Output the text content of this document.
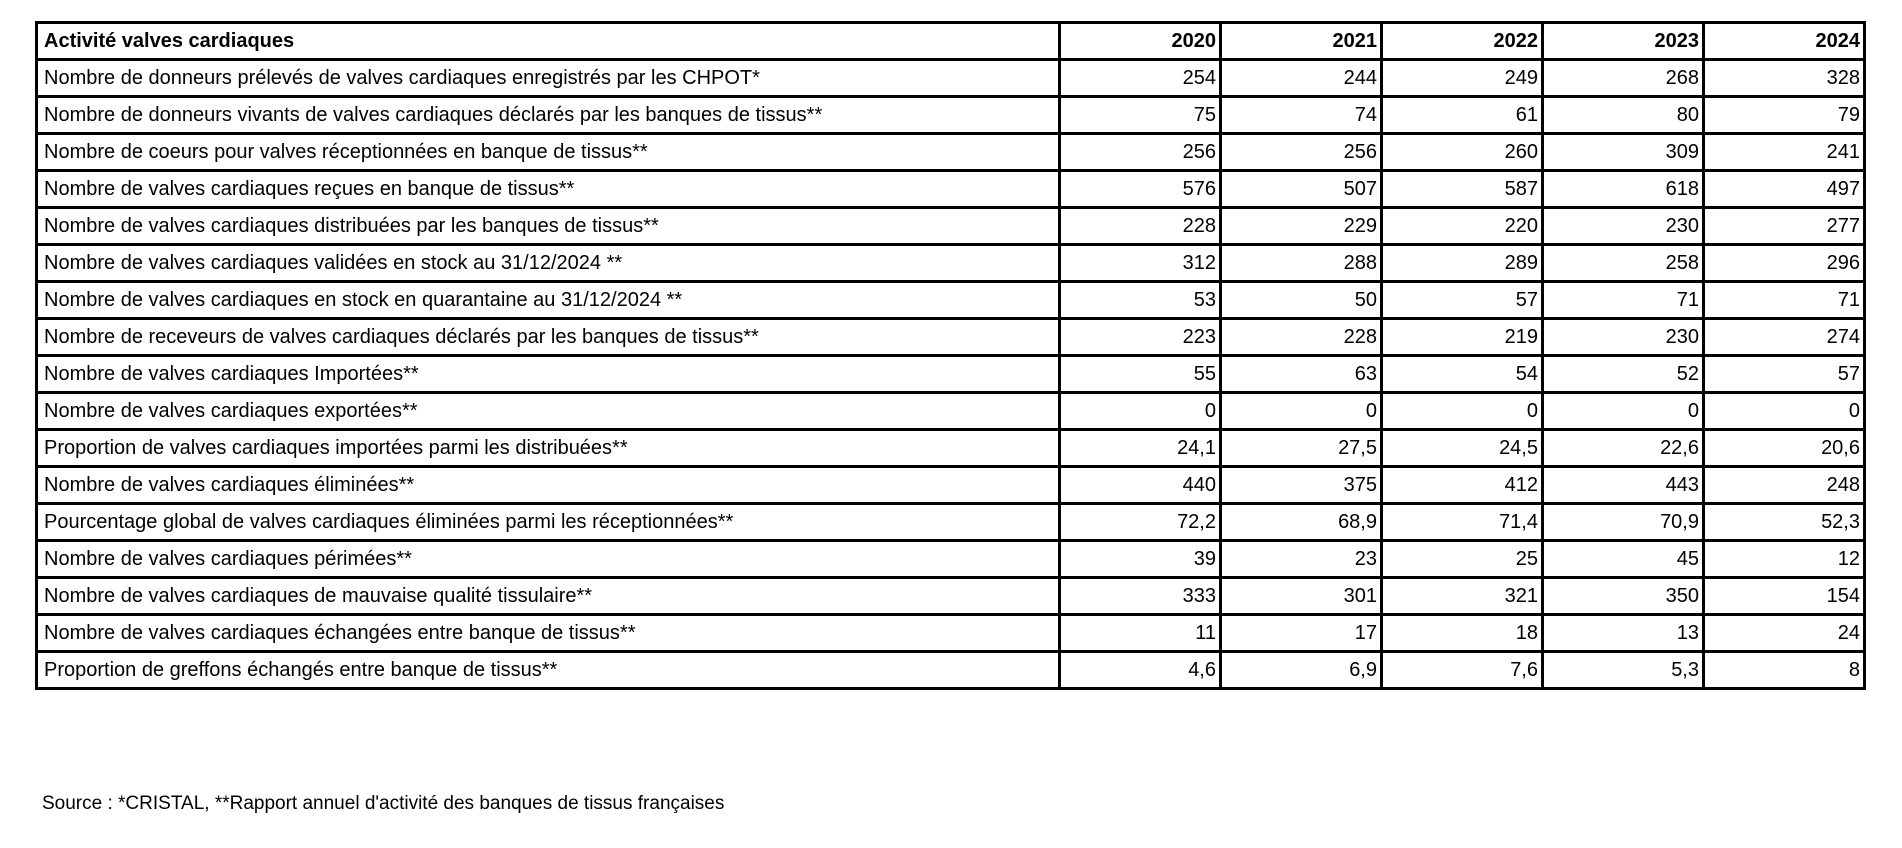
Activité valves cardiaques	2020	2021	2022	2023	2024
Nombre de donneurs prélevés de valves cardiaques enregistrés par les CHPOT*	254	244	249	268	328
Nombre de donneurs vivants de valves cardiaques déclarés par les banques de tissus**	75	74	61	80	79
Nombre de coeurs pour valves réceptionnées en banque de tissus**	256	256	260	309	241
Nombre de valves cardiaques reçues en banque de tissus**	576	507	587	618	497
Nombre de valves cardiaques distribuées par les banques de tissus**	228	229	220	230	277
Nombre de valves cardiaques validées en stock au 31/12/2024 **	312	288	289	258	296
Nombre de valves cardiaques en stock en quarantaine au 31/12/2024 **	53	50	57	71	71
Nombre de receveurs de valves cardiaques déclarés par les banques de tissus**	223	228	219	230	274
Nombre de valves cardiaques Importées**	55	63	54	52	57
Nombre de valves cardiaques exportées**	0	0	0	0	0
Proportion de valves cardiaques importées parmi les distribuées**	24,1	27,5	24,5	22,6	20,6
Nombre de valves cardiaques éliminées**	440	375	412	443	248
Pourcentage global de valves cardiaques éliminées parmi les réceptionnées**	72,2	68,9	71,4	70,9	52,3
Nombre de valves cardiaques périmées**	39	23	25	45	12
Nombre de valves cardiaques de mauvaise qualité tissulaire**	333	301	321	350	154
Nombre de valves cardiaques échangées entre banque de tissus**	11	17	18	13	24
Proportion de greffons échangés entre banque de tissus**	4,6	6,9	7,6	5,3	8
Source : *CRISTAL, **Rapport annuel d'activité des banques de tissus françaises
